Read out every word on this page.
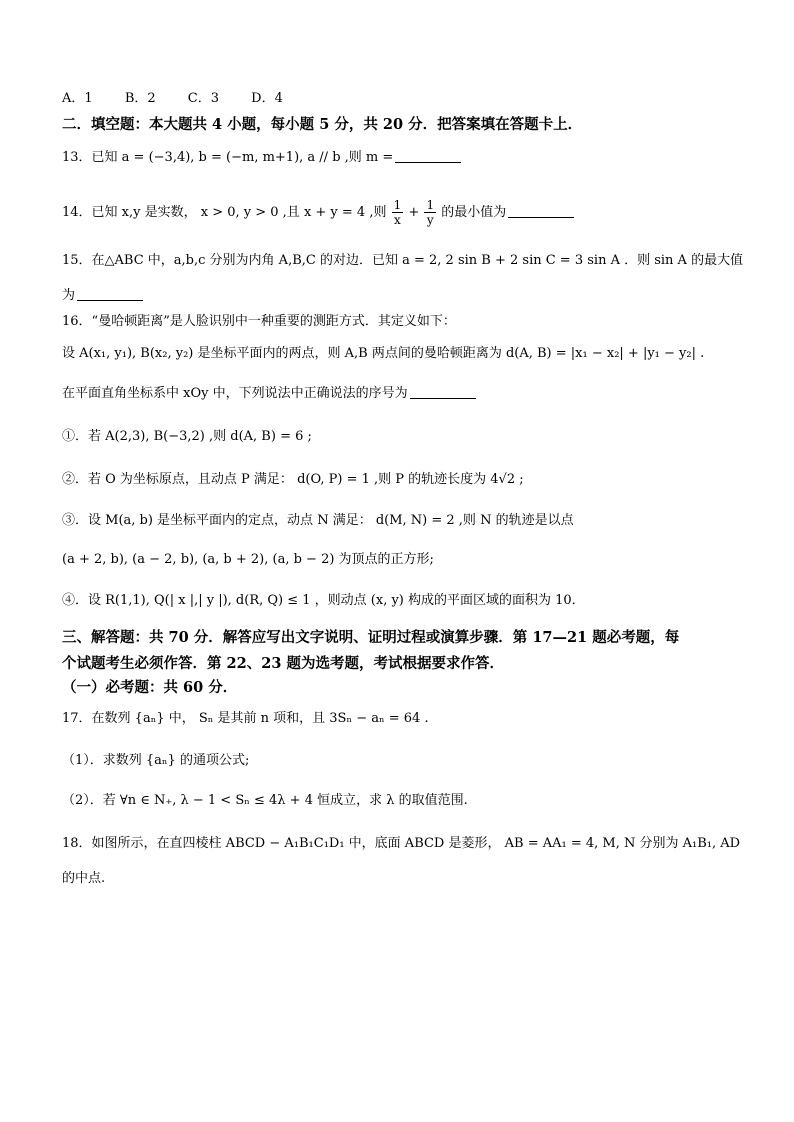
A．1 B．2 C．3 D．4
二．填空题：本大题共 4 小题，每小题 5 分，共 20 分．把答案填在答题卡上．
13．已知 a = (−3,4), b = (−m, m+1), a // b ,则 m =
14．已知 x,y 是实数， x > 0, y > 0 ,且 x + y = 4 ,则 $\frac{1}{x} + \frac{1}{y}$ 的最小值为
15．在△ABC 中，a,b,c 分别为内角 A,B,C 的对边．已知 a = 2, 2 sin B + 2 sin C = 3 sin A ．则 sin A 的最大值
为
16．“曼哈顿距离”是人脸识别中一种重要的测距方式．其定义如下：
设 A(x₁, y₁), B(x₂, y₂) 是坐标平面内的两点，则 A,B 两点间的曼哈顿距离为 d(A, B) = |x₁ − x₂| + |y₁ − y₂| .
在平面直角坐标系中 xOy 中，下列说法中正确说法的序号为
①．若 A(2,3), B(−3,2) ,则 d(A, B) = 6 ;
②．若 O 为坐标原点，且动点 P 满足： d(O, P) = 1 ,则 P 的轨迹长度为 4√2 ;
③．设 M(a, b) 是坐标平面内的定点，动点 N 满足： d(M, N) = 2 ,则 N 的轨迹是以点
(a + 2, b), (a − 2, b), (a, b + 2), (a, b − 2) 为顶点的正方形;
④．设 R(1,1), Q(| x |,| y |), d(R, Q) ≤ 1 ，则动点 (x, y) 构成的平面区域的面积为 10．
三、解答题：共 70 分．解答应写出文字说明、证明过程或演算步骤．第 17—21 题必考题，每
个试题考生必须作答．第 22、23 题为选考题，考试根据要求作答．
（一）必考题：共 60 分．
17．在数列 {aₙ} 中， Sₙ 是其前 n 项和，且 3Sₙ − aₙ = 64 .
（1）．求数列 {aₙ} 的通项公式;
（2）．若 ∀n ∈ N₊, λ − 1 < Sₙ ≤ 4λ + 4 恒成立，求 λ 的取值范围.
18．如图所示，在直四棱柱 ABCD − A₁B₁C₁D₁ 中，底面 ABCD 是菱形， AB = AA₁ = 4, M, N 分别为 A₁B₁, AD
的中点.
